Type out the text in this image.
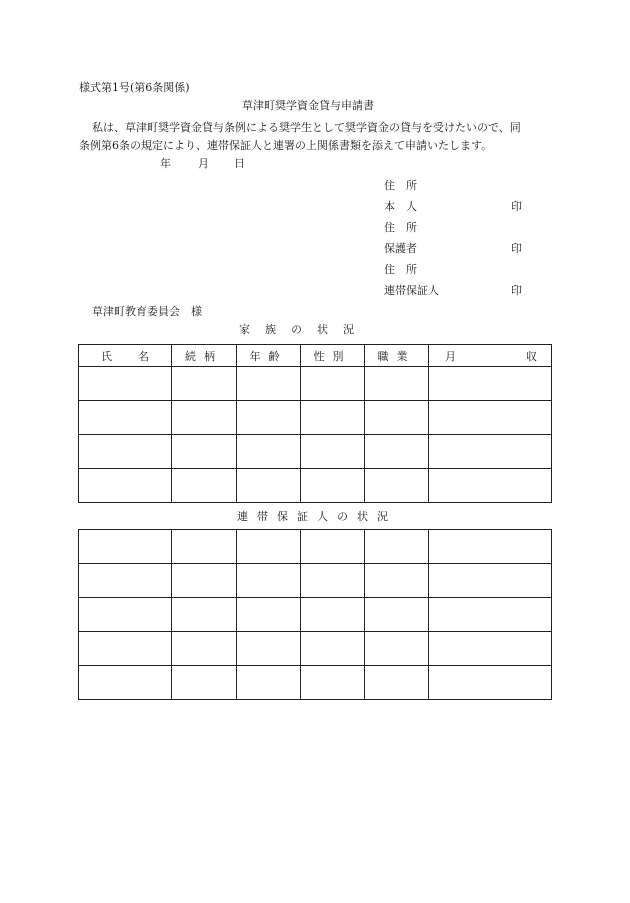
様式第1号(第6条関係)
草津町奨学資金貸与申請書
私は、草津町奨学資金貸与条例による奨学生として奨学資金の貸与を受けたいので、同
条例第6条の規定により、連帯保証人と連署の上関係書類を添えて申請いたします。
年 月 日
住　所
本　人	印
住　所
保護者	印
住　所
連帯保証人	印
草津町教育委員会　様
家族の状況
氏 名	続柄	年齢	性別	職業	月 収

連帯保証人の状況
